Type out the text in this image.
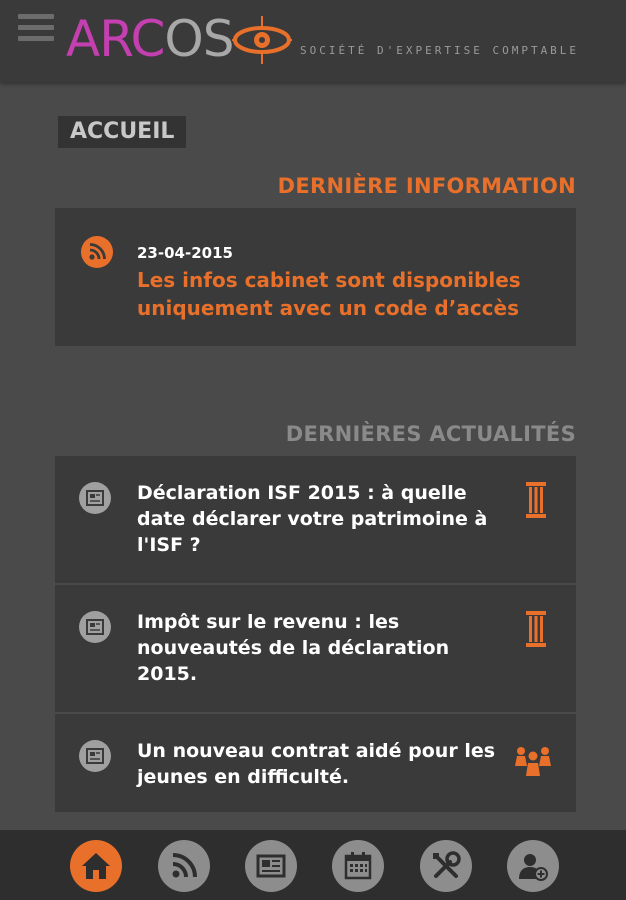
ARCOS	SOCIÉTÉ D'EXPERTISE COMPTABLE
ACCUEIL
DERNIÈRE INFORMATION
23-04-2015
Les infos cabinet sont disponibles uniquement avec un code d’accès
DERNIÈRES ACTUALITÉS
Déclaration ISF 2015 : à quelle date déclarer votre patrimoine à l'ISF ?
Impôt sur le revenu : les nouveautés de la déclaration 2015.
Un nouveau contrat aidé pour les jeunes en difficulté.
